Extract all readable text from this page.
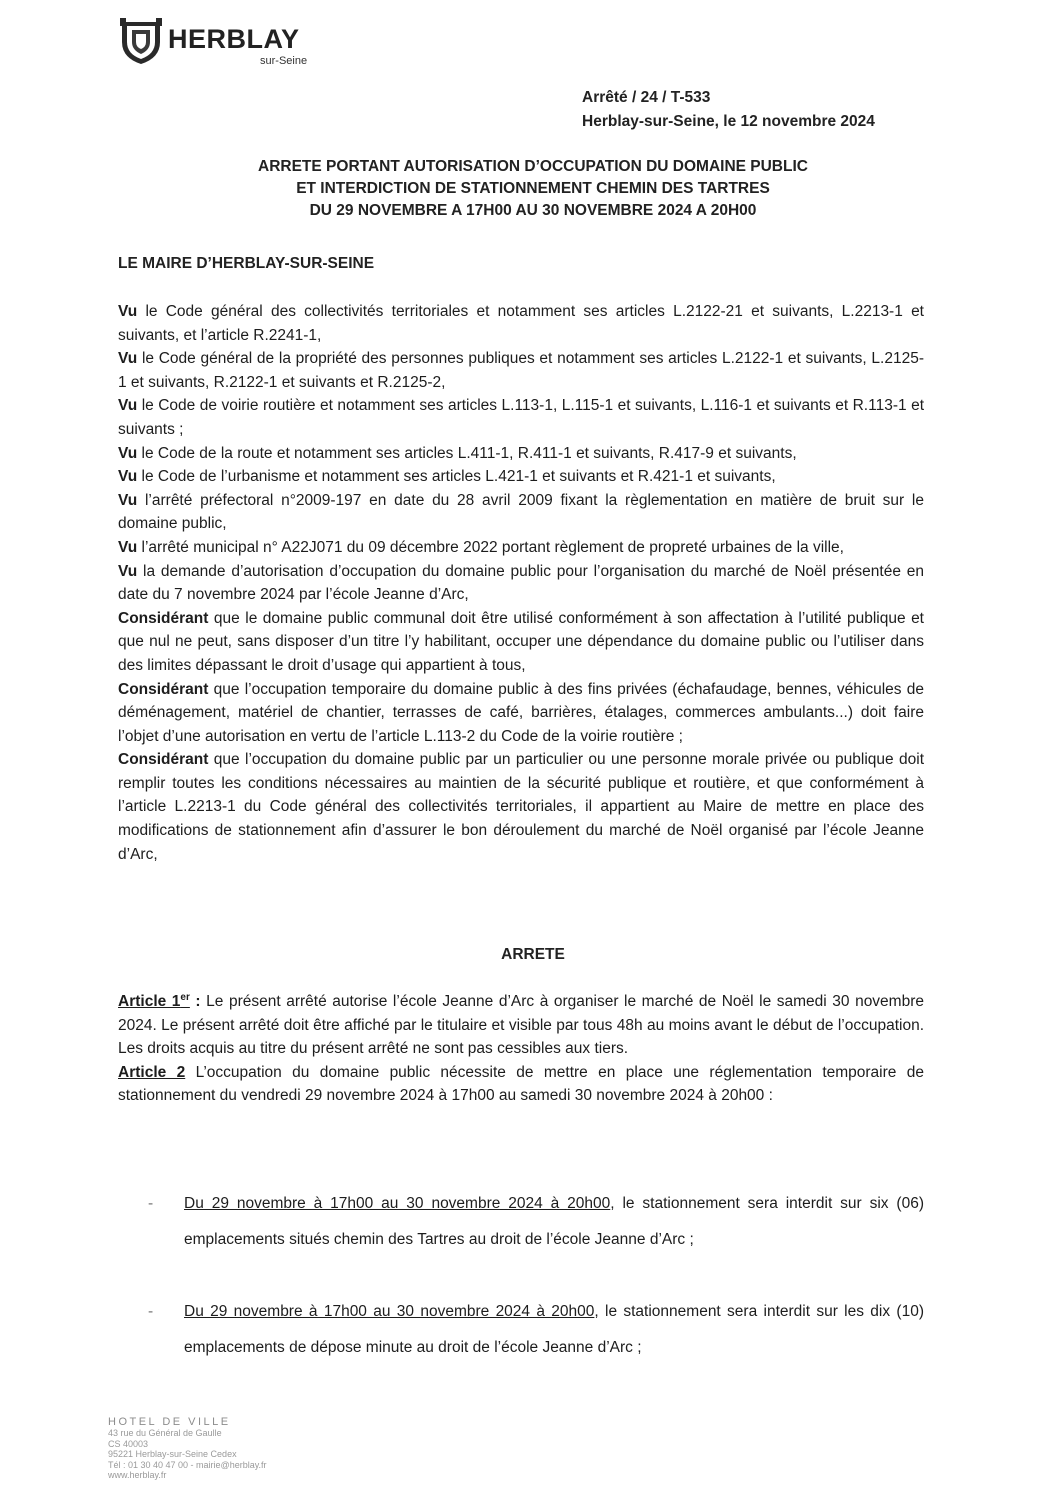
HERBLAY
sur-Seine
Arrêté / 24 / T-533
Herblay-sur-Seine, le 12 novembre 2024
ARRETE PORTANT AUTORISATION D’OCCUPATION DU DOMAINE PUBLIC
ET INTERDICTION DE STATIONNEMENT CHEMIN DES TARTRES
DU 29 NOVEMBRE A 17H00 AU 30 NOVEMBRE 2024 A 20H00
LE MAIRE D’HERBLAY-SUR-SEINE

Vu le Code général des collectivités territoriales et notamment ses articles L.2122-21 et suivants, L.2213-1 et suivants, et l’article R.2241-1,

Vu le Code général de la propriété des personnes publiques et notamment ses articles L.2122-1 et suivants, L.2125-1 et suivants, R.2122-1 et suivants et R.2125-2,

Vu le Code de voirie routière et notamment ses articles L.113-1, L.115-1 et suivants, L.116-1 et suivants et R.113-1 et suivants ;

Vu le Code de la route et notamment ses articles L.411-1, R.411-1 et suivants, R.417-9 et suivants,

Vu le Code de l’urbanisme et notamment ses articles L.421-1 et suivants et R.421-1 et suivants,

Vu l’arrêté préfectoral n°2009-197 en date du 28 avril 2009 fixant la règlementation en matière de bruit sur le domaine public,

Vu l’arrêté municipal n° A22J071 du 09 décembre 2022 portant règlement de propreté urbaines de la ville,

Vu la demande d’autorisation d’occupation du domaine public pour l’organisation du marché de Noël présentée en date du 7 novembre 2024 par l’école Jeanne d’Arc,

Considérant que le domaine public communal doit être utilisé conformément à son affectation à l’utilité publique et que nul ne peut, sans disposer d’un titre l’y habilitant, occuper une dépendance du domaine public ou l’utiliser dans des limites dépassant le droit d’usage qui appartient à tous,

Considérant que l’occupation temporaire du domaine public à des fins privées (échafaudage, bennes, véhicules de déménagement, matériel de chantier, terrasses de café, barrières, étalages, commerces ambulants...) doit faire l’objet d’une autorisation en vertu de l’article L.113-2 du Code de la voirie routière ;

Considérant que l’occupation du domaine public par un particulier ou une personne morale privée ou publique doit remplir toutes les conditions nécessaires au maintien de la sécurité publique et routière, et que conformément à l’article L.2213-1 du Code général des collectivités territoriales, il appartient au Maire de mettre en place des modifications de stationnement afin d’assurer le bon déroulement du marché de Noël organisé par l’école Jeanne d’Arc,

ARRETE

Article 1er : Le présent arrêté autorise l’école Jeanne d’Arc à organiser le marché de Noël le samedi 30 novembre 2024. Le présent arrêté doit être affiché par le titulaire et visible par tous 48h au moins avant le début de l’occupation. Les droits acquis au titre du présent arrêté ne sont pas cessibles aux tiers.

Article 2 L’occupation du domaine public nécessite de mettre en place une réglementation temporaire de stationnement du vendredi 29 novembre 2024 à 17h00 au samedi 30 novembre 2024 à 20h00 :

- Du 29 novembre à 17h00 au 30 novembre 2024 à 20h00, le stationnement sera interdit sur six (06) emplacements situés chemin des Tartres au droit de l’école Jeanne d’Arc ;
- Du 29 novembre à 17h00 au 30 novembre 2024 à 20h00, le stationnement sera interdit sur les dix (10) emplacements de dépose minute au droit de l’école Jeanne d’Arc ;
HOTEL DE VILLE
43 rue du Général de Gaulle
CS 40003
95221 Herblay-sur-Seine Cedex
Tél : 01 30 40 47 00 - mairie@herblay.fr
www.herblay.fr
